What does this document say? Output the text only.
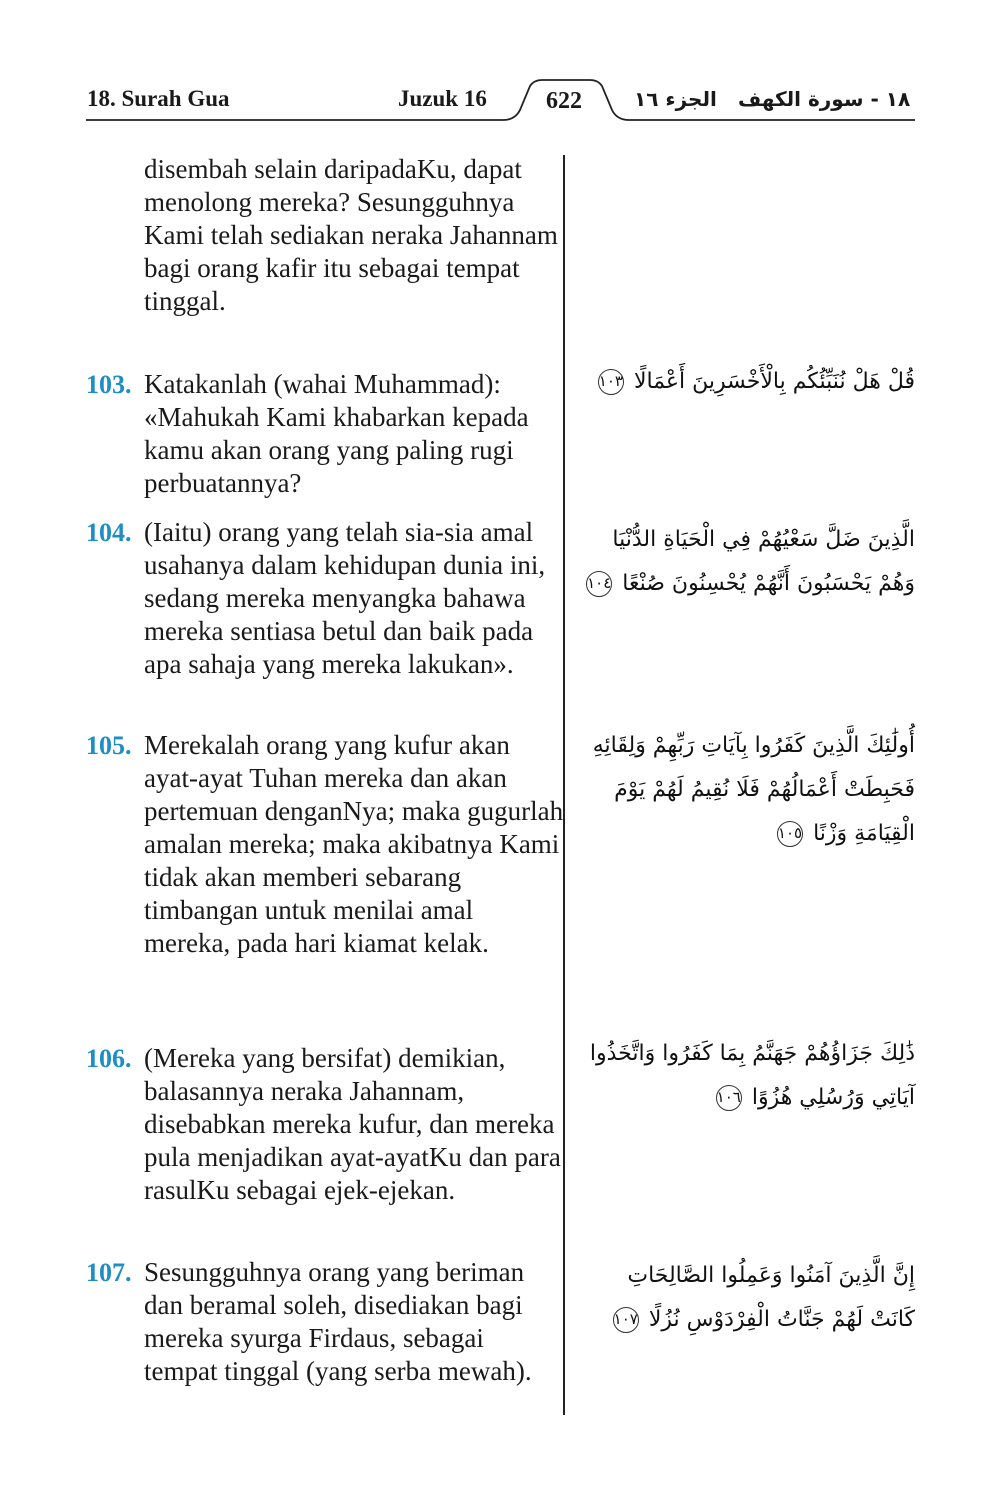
18. Surah Gua	Juzuk 16	622	الجزء ١٦ ١٨ - سورة الكهف
disembah selain daripadaKu, dapat menolong mereka? Sesungguhnya Kami telah sediakan neraka Jahannam bagi orang kafir itu sebagai tempat tinggal.
103. Katakanlah (wahai Muhammad): «Mahukah Kami khabarkan kepada kamu akan orang yang paling rugi perbuatannya?
104. (Iaitu) orang yang telah sia-sia amal usahanya dalam kehidupan dunia ini, sedang mereka menyangka bahawa mereka sentiasa betul dan baik pada apa sahaja yang mereka lakukan».
105. Merekalah orang yang kufur akan ayat-ayat Tuhan mereka dan akan pertemuan denganNya; maka gugurlah amalan mereka; maka akibatnya Kami tidak akan memberi sebarang timbangan untuk menilai amal mereka, pada hari kiamat kelak.
106. (Mereka yang bersifat) demikian, balasannya neraka Jahannam, disebabkan mereka kufur, dan mereka pula menjadikan ayat-ayatKu dan para rasulKu sebagai ejek-ejekan.
107. Sesungguhnya orang yang beriman dan beramal soleh, disediakan bagi mereka syurga Firdaus, sebagai tempat tinggal (yang serba mewah).
قُلْ هَلْ نُنَبِّئُكُم بِالْأَخْسَرِينَ أَعْمَالًا ١٠٣
الَّذِينَ ضَلَّ سَعْيُهُمْ فِي الْحَيَاةِ الدُّنْيَا وَهُمْ يَحْسَبُونَ أَنَّهُمْ يُحْسِنُونَ صُنْعًا ١٠٤
أُولَٰئِكَ الَّذِينَ كَفَرُوا بِآيَاتِ رَبِّهِمْ وَلِقَائِهِ فَحَبِطَتْ أَعْمَالُهُمْ فَلَا نُقِيمُ لَهُمْ يَوْمَ الْقِيَامَةِ وَزْنًا ١٠٥
ذَٰلِكَ جَزَاؤُهُمْ جَهَنَّمُ بِمَا كَفَرُوا وَاتَّخَذُوا آيَاتِي وَرُسُلِي هُزُوًا ١٠٦
إِنَّ الَّذِينَ آمَنُوا وَعَمِلُوا الصَّالِحَاتِ كَانَتْ لَهُمْ جَنَّاتُ الْفِرْدَوْسِ نُزُلًا ١٠٧
